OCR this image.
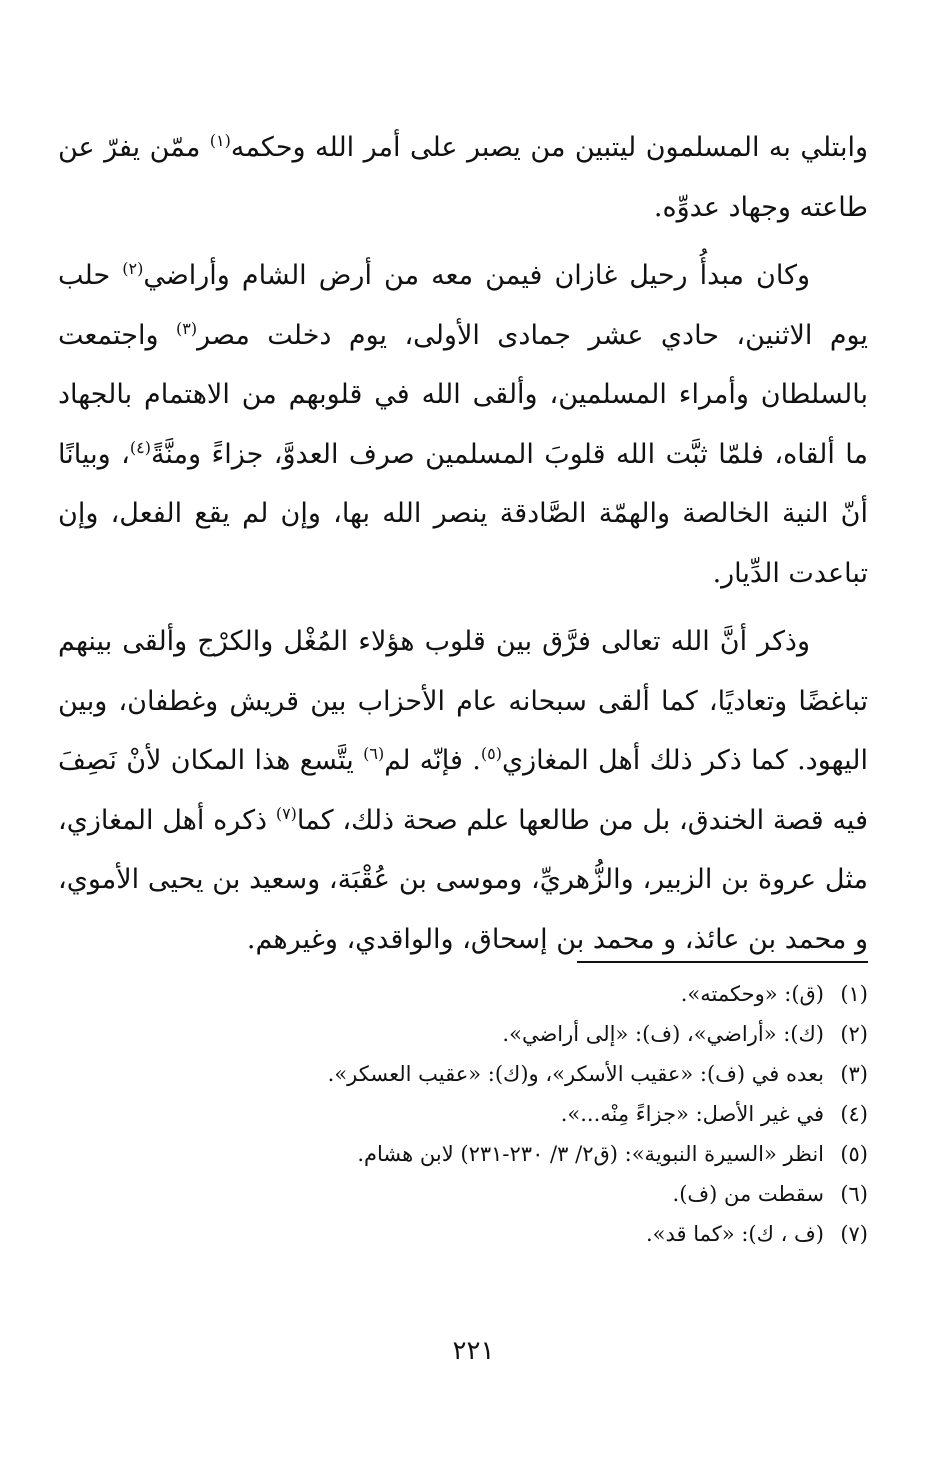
وابتلي به المسلمون ليتبين من يصبر على أمر الله وحكمه$^{(١)}$ ممّن يفرّ عن طاعته وجهاد عدوِّه.

وكان مبدأُ رحيل غازان فيمن معه من أرض الشام وأراضي$^{(٢)}$ حلب يوم الاثنين، حادي عشر جمادى الأولى، يوم دخلت مصر$^{(٣)}$ واجتمعت بالسلطان وأمراء المسلمين، وألقى الله في قلوبهم من الاهتمام بالجهاد ما ألقاه، فلمّا ثبَّت الله قلوبَ المسلمين صرف العدوَّ، جزاءً ومنَّةً$^{(٤)}$، وبيانًا أنّ النية الخالصة والهمّة الصَّادقة ينصر الله بها، وإن لم يقع الفعل، وإن تباعدت الدِّيار.

وذكر أنَّ الله تعالى فرَّق بين قلوب هؤلاء المُغْل والكرْج وألقى بينهم تباغضًا وتعاديًا، كما ألقى سبحانه عام الأحزاب بين قريش وغطفان، وبين اليهود. كما ذكر ذلك أهل المغازي$^{(٥)}$. فإنّه لم$^{(٦)}$ يتَّسع هذا المكان لأنْ نَصِفَ فيه قصة الخندق، بل من طالعها علم صحة ذلك، كما$^{(٧)}$ ذكره أهل المغازي، مثل عروة بن الزبير، والزُّهريِّ، وموسى بن عُقْبَة، وسعيد بن يحيى الأموي، و محمد بن عائذ، و محمد بن إسحاق، والواقدي، وغيرهم.

(١)(ق): «وحكمته».
(٢)(ك): «أراضي»، (ف): «إلى أراضي».
(٣)بعده في (ف): «عقيب الأسكر»، و(ك): «عقيب العسكر».
(٤)في غير الأصل: «جزاءً مِنْه...».
(٥)انظر «السيرة النبوية»: (ق٢/ ٣/ ٢٣٠-٢٣١) لابن هشام.
(٦)سقطت من (ف).
(٧)(ف ، ك): «كما قد».
٢٢١
